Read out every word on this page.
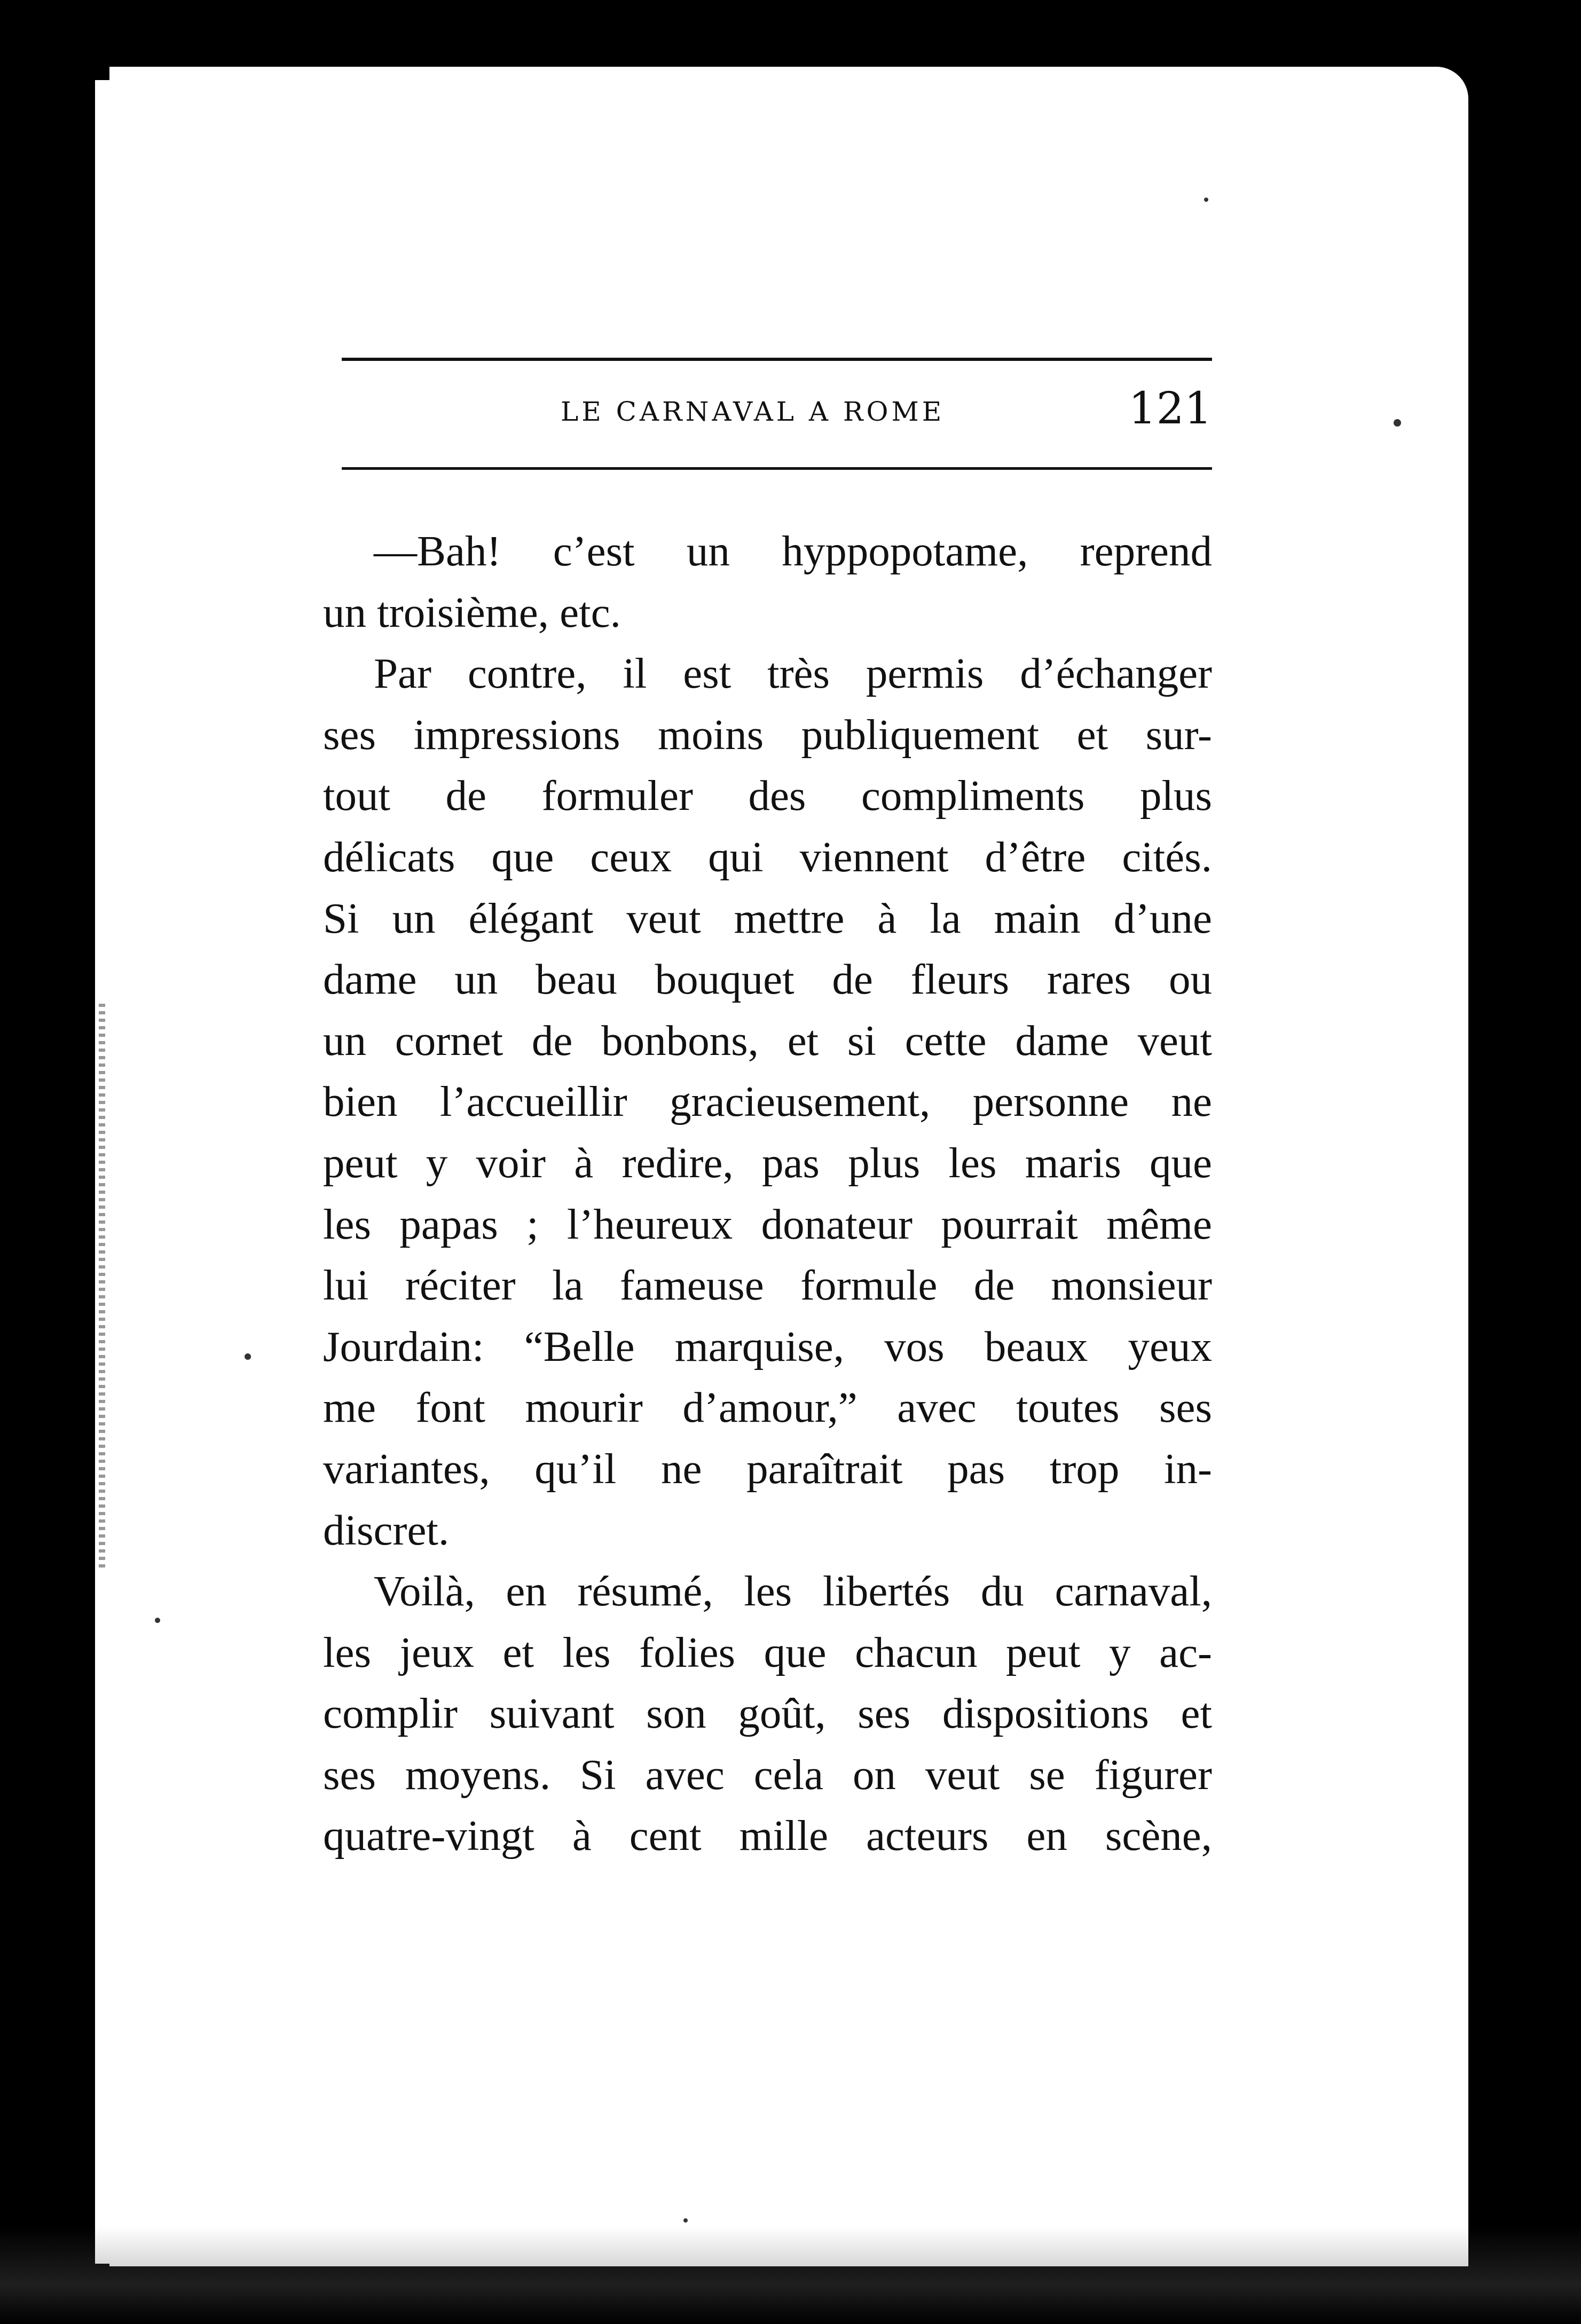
LE CARNAVAL A ROME	121
—Bah! c’est un hyppopotame, reprend
un troisième, etc.
Par contre, il est très permis d’échanger
ses impressions moins publiquement et sur-
tout de formuler des compliments plus
délicats que ceux qui viennent d’être cités.
Si un élégant veut mettre à la main d’une
dame un beau bouquet de fleurs rares ou
un cornet de bonbons, et si cette dame veut
bien l’accueillir gracieusement, personne ne
peut y voir à redire, pas plus les maris que
les papas ; l’heureux donateur pourrait même
lui réciter la fameuse formule de monsieur
Jourdain: “Belle marquise, vos beaux yeux
me font mourir d’amour,” avec toutes ses
variantes, qu’il ne paraîtrait pas trop in-
discret.
Voilà, en résumé, les libertés du carnaval,
les jeux et les folies que chacun peut y ac-
complir suivant son goût, ses dispositions et
ses moyens. Si avec cela on veut se figurer
quatre-vingt à cent mille acteurs en scène,
